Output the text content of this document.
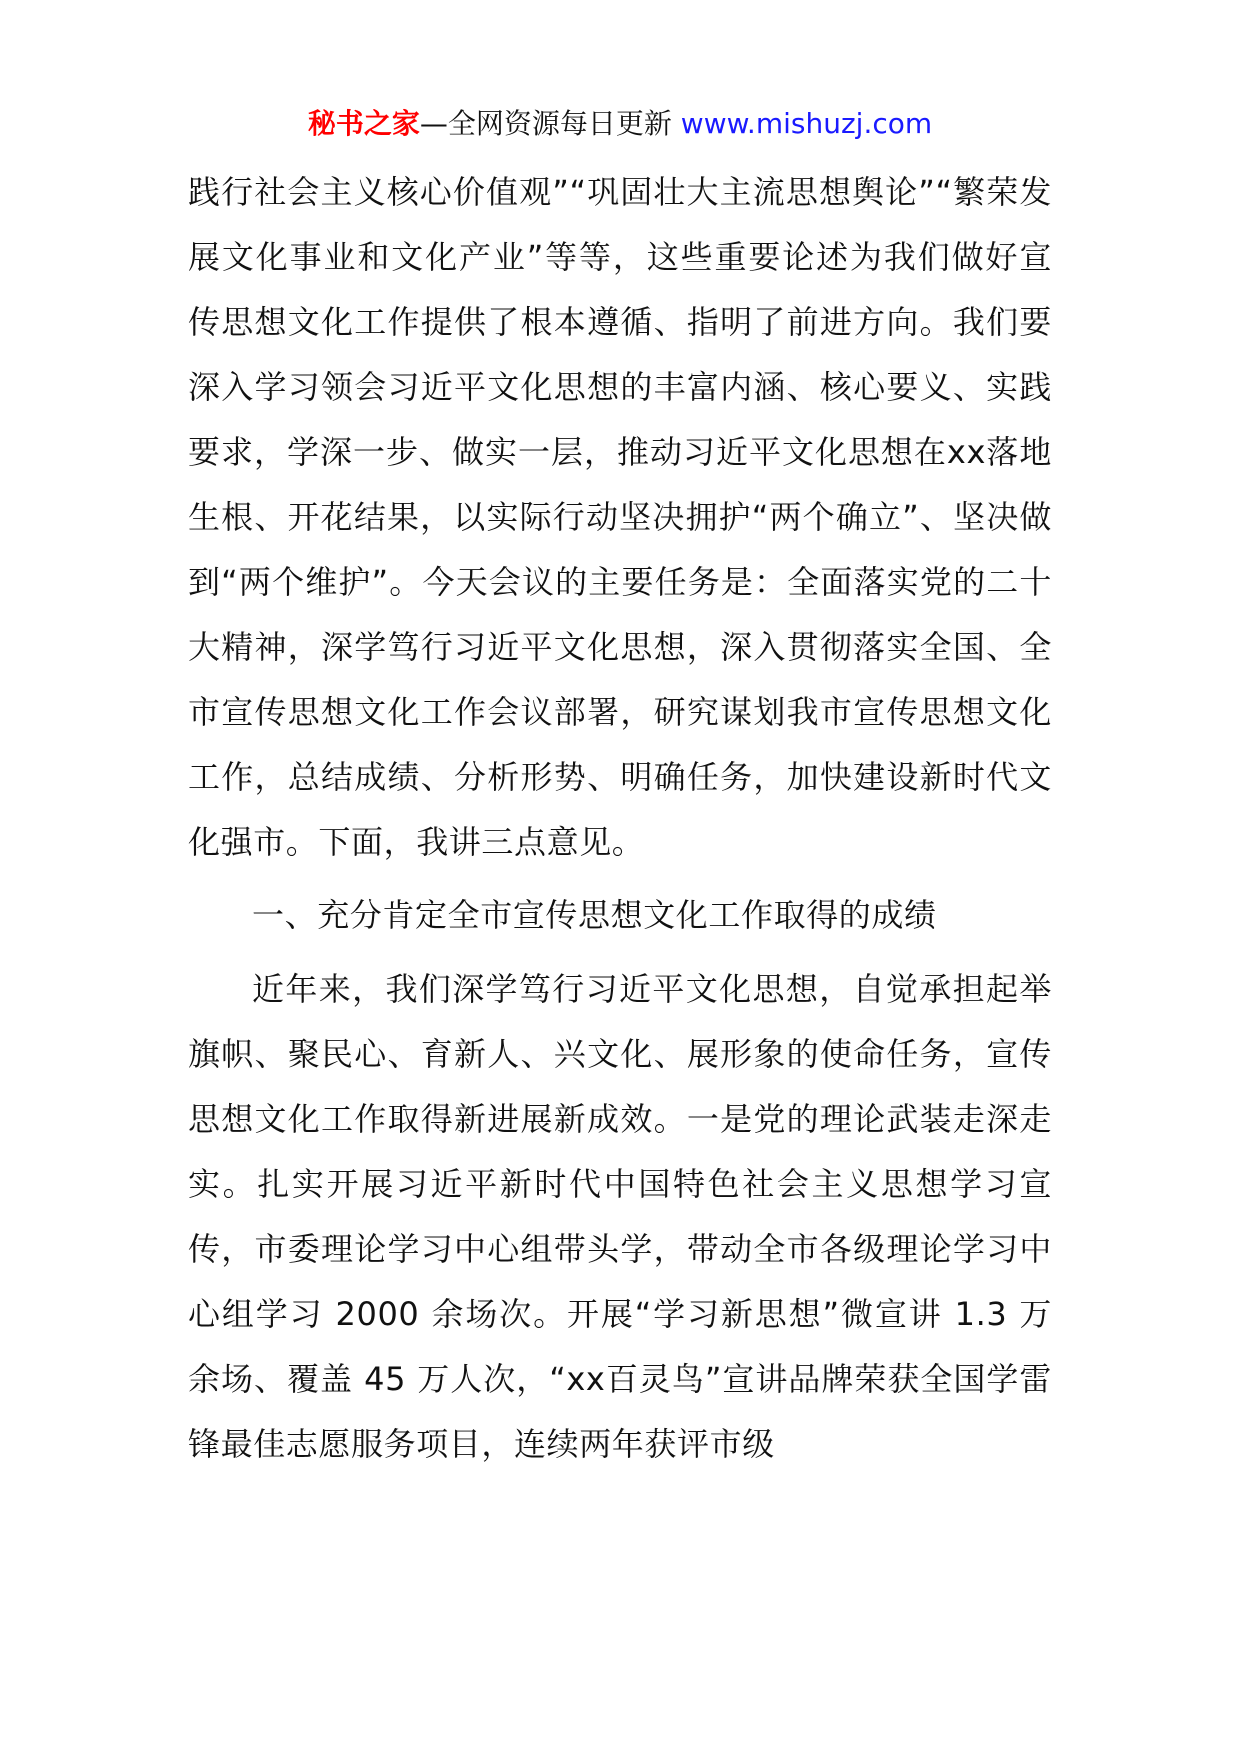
秘书之家—全网资源每日更新 www.mishuzj.com

践行社会主义核心价值观”“巩固壮大主流思想舆论”“繁荣发展文化事业和文化产业”等等，这些重要论述为我们做好宣传思想文化工作提供了根本遵循、指明了前进方向。我们要深入学习领会习近平文化思想的丰富内涵、核心要义、实践要求，学深一步、做实一层，推动习近平文化思想在xx落地生根、开花结果，以实际行动坚决拥护“两个确立”、坚决做到“两个维护”。今天会议的主要任务是：全面落实党的二十大精神，深学笃行习近平文化思想，深入贯彻落实全国、全市宣传思想文化工作会议部署，研究谋划我市宣传思想文化工作，总结成绩、分析形势、明确任务，加快建设新时代文化强市。下面，我讲三点意见。

一、充分肯定全市宣传思想文化工作取得的成绩

近年来，我们深学笃行习近平文化思想，自觉承担起举旗帜、聚民心、育新人、兴文化、展形象的使命任务，宣传思想文化工作取得新进展新成效。一是党的理论武装走深走实。扎实开展习近平新时代中国特色社会主义思想学习宣传，市委理论学习中心组带头学，带动全市各级理论学习中心组学习 2000 余场次。开展“学习新思想”微宣讲 1.3 万余场、覆盖 45 万人次，“xx百灵鸟”宣讲品牌荣获全国学雷锋最佳志愿服务项目，连续两年获评市级
